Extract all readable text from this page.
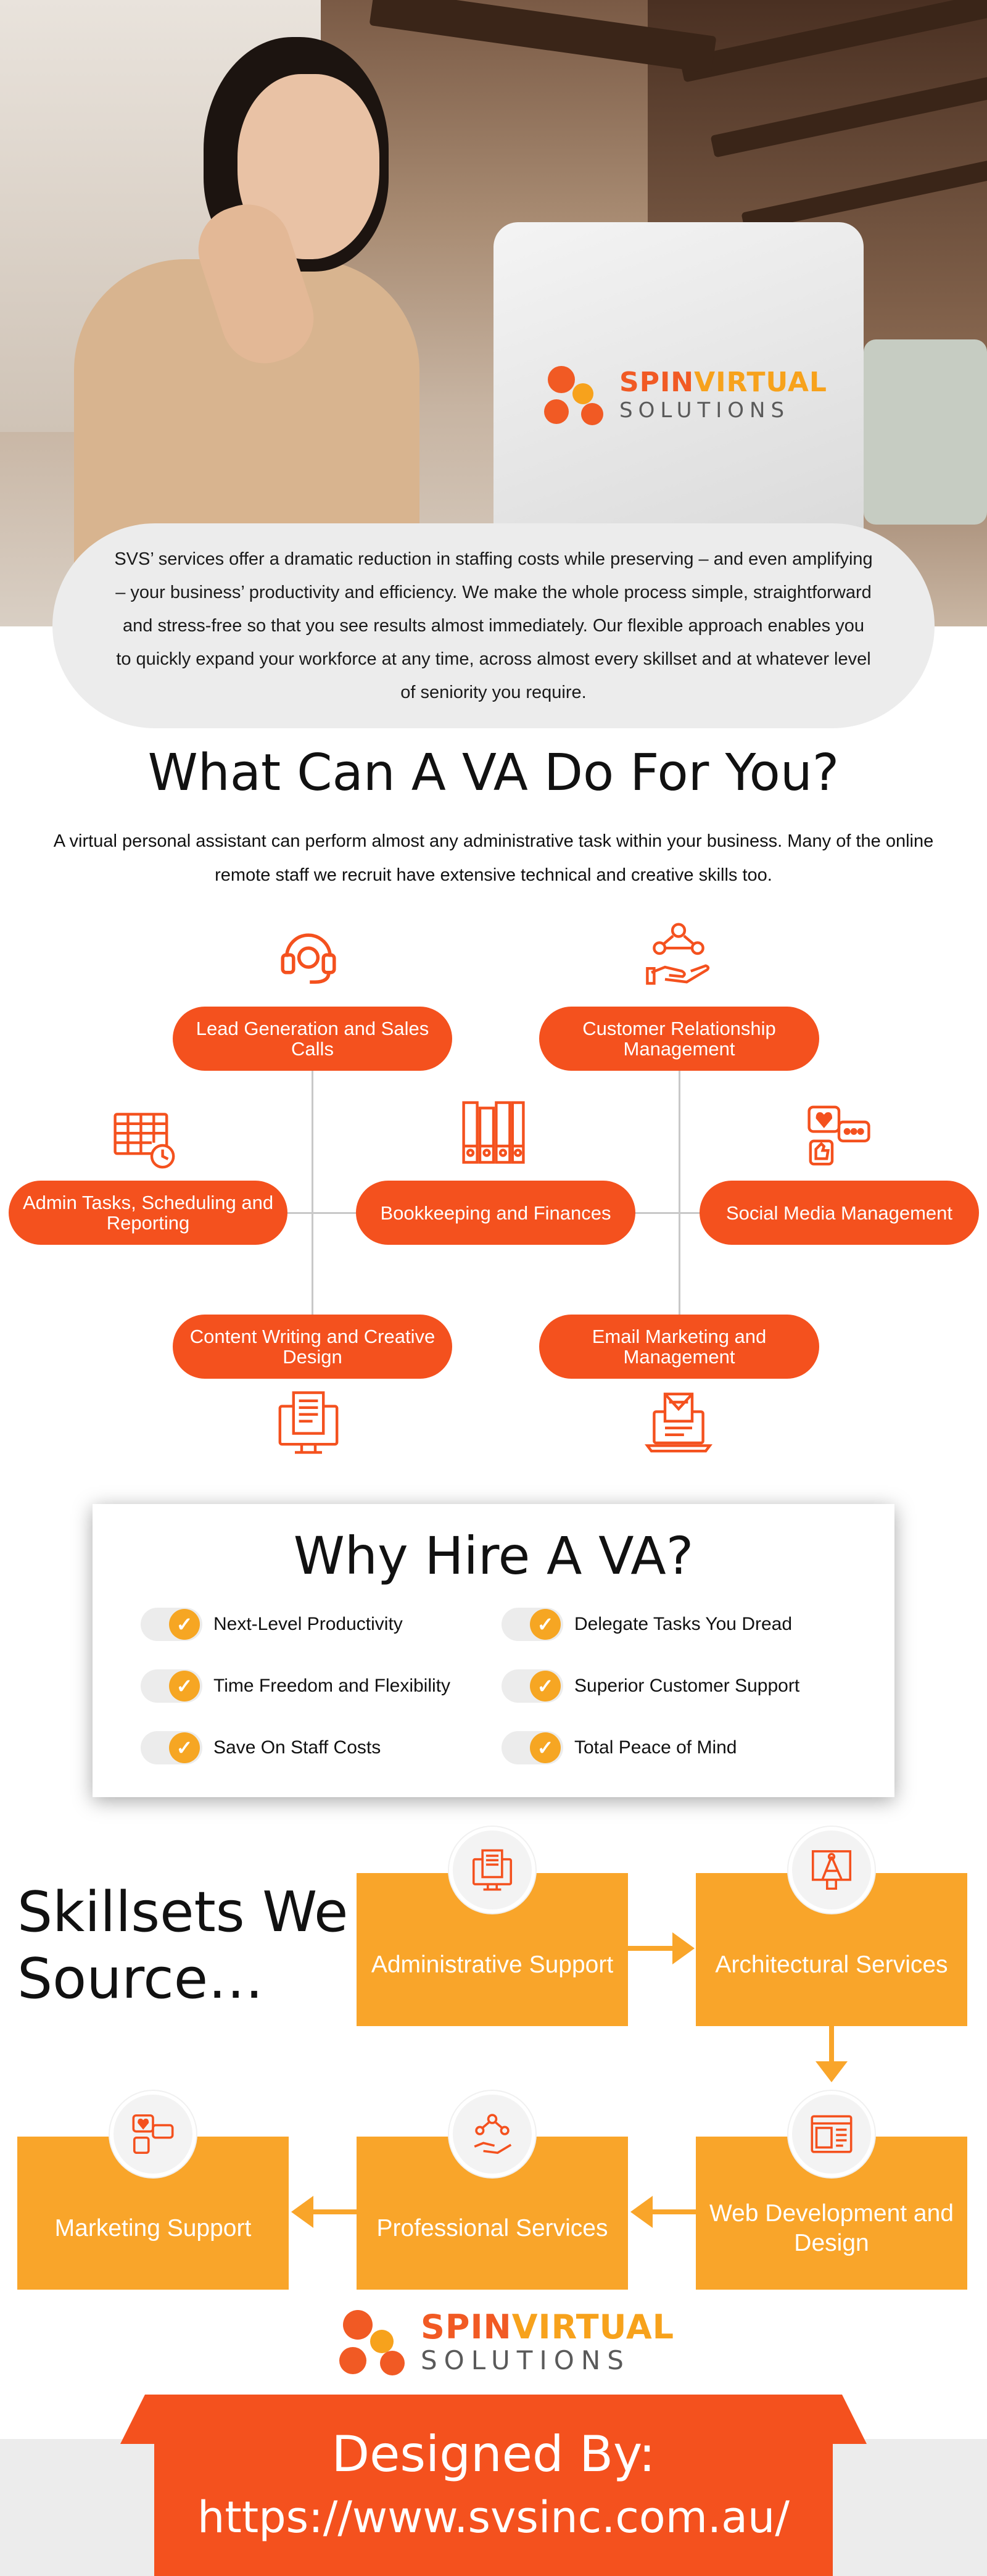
SPINVIRTUAL
SOLUTIONS

SVS’ services offer a dramatic reduction in staffing costs while preserving – and even amplifying – your business’ productivity and efficiency. We make the whole process simple, straightforward and stress-free so that you see results almost immediately. Our flexible approach enables you to quickly expand your workforce at any time, across almost every skillset and at whatever level of seniority you require.

What Can A VA Do For You?
A virtual personal assistant can perform almost any administrative task within your business. Many of the online remote staff we recruit have extensive technical and creative skills too.
Lead Generation and Sales Calls
Customer Relationship Management
Admin Tasks, Scheduling and Reporting	Bookkeeping and Finances	Social Media Management
Content Writing and Creative Design
Email Marketing and Management
Why Hire A VA?
✓	Next-Level Productivity	✓	Delegate Tasks You Dread
✓	Time Freedom and Flexibility	✓	Superior Customer Support
✓	Save On Staff Costs	✓	Total Peace of Mind
Skillsets We
Source…	Administrative Support	Architectural Services
Web Development and Design
Professional Services
Marketing Support
SPINVIRTUAL
SOLUTIONS
Designed By:
https://www.svsinc.com.au/
